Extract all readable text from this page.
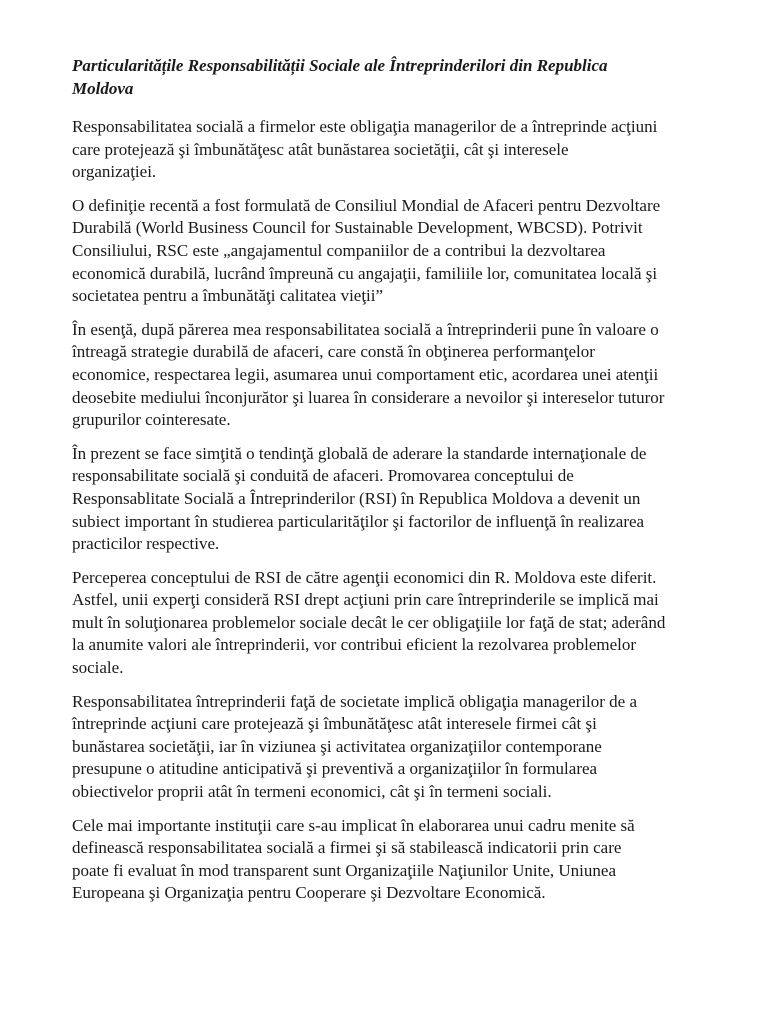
Particularitățile Responsabilității Sociale ale Întreprinderilori din Republica
Moldova

Responsabilitatea socială a firmelor este obligaţia managerilor de a întreprinde acţiuni
care protejează şi îmbunătăţesc atât bunăstarea societăţii, cât şi interesele
organizaţiei.

O definiţie recentă a fost formulată de Consiliul Mondial de Afaceri pentru Dezvoltare
Durabilă (World Business Council for Sustainable Development, WBCSD). Potrivit
Consiliului, RSC este „angajamentul companiilor de a contribui la dezvoltarea
economică durabilă, lucrând împreună cu angajaţii, familiile lor, comunitatea locală şi
societatea pentru a îmbunătăţi calitatea vieţii”

În esenţă, după părerea mea responsabilitatea socială a întreprinderii pune în valoare o
întreagă strategie durabilă de afaceri, care constă în obţinerea performanţelor
economice, respectarea legii, asumarea unui comportament etic, acordarea unei atenţii
deosebite mediului înconjurător şi luarea în considerare a nevoilor şi intereselor tuturor
grupurilor cointeresate.

În prezent se face simţită o tendinţă globală de aderare la standarde internaţionale de
responsabilitate socială şi conduită de afaceri. Promovarea conceptului de
Responsablitate Socială a Întreprinderilor (RSI) în Republica Moldova a devenit un
subiect important în studierea particularităţilor şi factorilor de influenţă în realizarea
practicilor respective.

Perceperea conceptului de RSI de către agenţii economici din R. Moldova este diferit.
Astfel, unii experţi consideră RSI drept acţiuni prin care întreprinderile se implică mai
mult în soluţionarea problemelor sociale decât le cer obligaţiile lor faţă de stat; aderând
la anumite valori ale întreprinderii, vor contribui eficient la rezolvarea problemelor
sociale.

Responsabilitatea întreprinderii faţă de societate implică obligaţia managerilor de a
întreprinde acţiuni care protejează şi îmbunătăţesc atât interesele firmei cât şi
bunăstarea societăţii, iar în viziunea şi activitatea organizaţiilor contemporane
presupune o atitudine anticipativă şi preventivă a organizaţiilor în formularea
obiectivelor proprii atât în termeni economici, cât şi în termeni sociali.

Cele mai importante instituţii care s-au implicat în elaborarea unui cadru menite să
definească responsabilitatea socială a firmei şi să stabilească indicatorii prin care
poate fi evaluat în mod transparent sunt Organizaţiile Naţiunilor Unite, Uniunea
Europeana şi Organizaţia pentru Cooperare şi Dezvoltare Economică.
